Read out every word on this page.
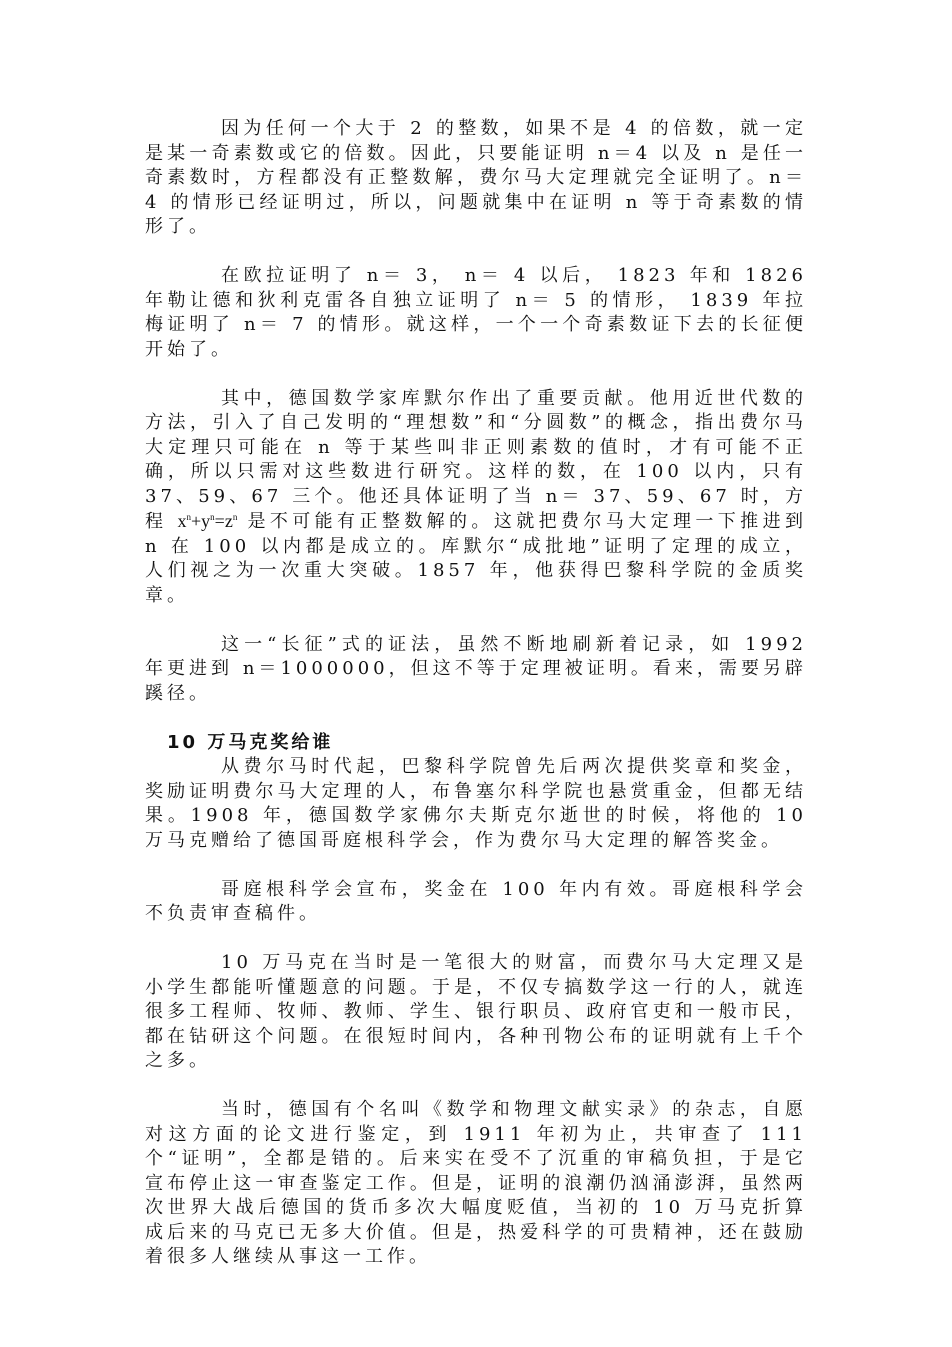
因为任何一个大于 2 的整数，如果不是 4 的倍数，就一定是某一奇素数或它的倍数。因此，只要能证明 n＝4 以及 n 是任一奇素数时，方程都没有正整数解，费尔马大定理就完全证明了。n＝4 的情形已经证明过，所以，问题就集中在证明 n 等于奇素数的情形了。

在欧拉证明了 n＝ 3， n＝ 4 以后， 1823 年和 1826 年勒让德和狄利克雷各自独立证明了 n＝ 5 的情形， 1839 年拉梅证明了 n＝ 7 的情形。就这样，一个一个奇素数证下去的长征便开始了。

其中，德国数学家库默尔作出了重要贡献。他用近世代数的方法，引入了自己发明的“理想数”和“分圆数”的概念，指出费尔马大定理只可能在 n 等于某些叫非正则素数的值时，才有可能不正确，所以只需对这些数进行研究。这样的数，在 100 以内，只有 37、59、67 三个。他还具体证明了当 n＝ 37、59、67 时，方程 $x^n+y^n=z^n$ 是不可能有正整数解的。这就把费尔马大定理一下推进到 n 在 100 以内都是成立的。库默尔“成批地”证明了定理的成立，人们视之为一次重大突破。1857 年，他获得巴黎科学院的金质奖章。

这一“长征”式的证法，虽然不断地刷新着记录，如 1992 年更进到 n＝1000000，但这不等于定理被证明。看来，需要另辟蹊径。

10 万马克奖给谁

从费尔马时代起，巴黎科学院曾先后两次提供奖章和奖金，奖励证明费尔马大定理的人，布鲁塞尔科学院也悬赏重金，但都无结果。1908 年，德国数学家佛尔夫斯克尔逝世的时候，将他的 10 万马克赠给了德国哥庭根科学会，作为费尔马大定理的解答奖金。

哥庭根科学会宣布，奖金在 100 年内有效。哥庭根科学会不负责审查稿件。

10 万马克在当时是一笔很大的财富，而费尔马大定理又是小学生都能听懂题意的问题。于是，不仅专搞数学这一行的人，就连很多工程师、牧师、教师、学生、银行职员、政府官吏和一般市民，都在钻研这个问题。在很短时间内，各种刊物公布的证明就有上千个之多。

当时，德国有个名叫《数学和物理文献实录》的杂志，自愿对这方面的论文进行鉴定，到 1911 年初为止，共审查了 111 个“证明”，全都是错的。后来实在受不了沉重的审稿负担，于是它宣布停止这一审查鉴定工作。但是，证明的浪潮仍汹涌澎湃，虽然两次世界大战后德国的货币多次大幅度贬值，当初的 10 万马克折算成后来的马克已无多大价值。但是，热爱科学的可贵精神，还在鼓励着很多人继续从事这一工作。
